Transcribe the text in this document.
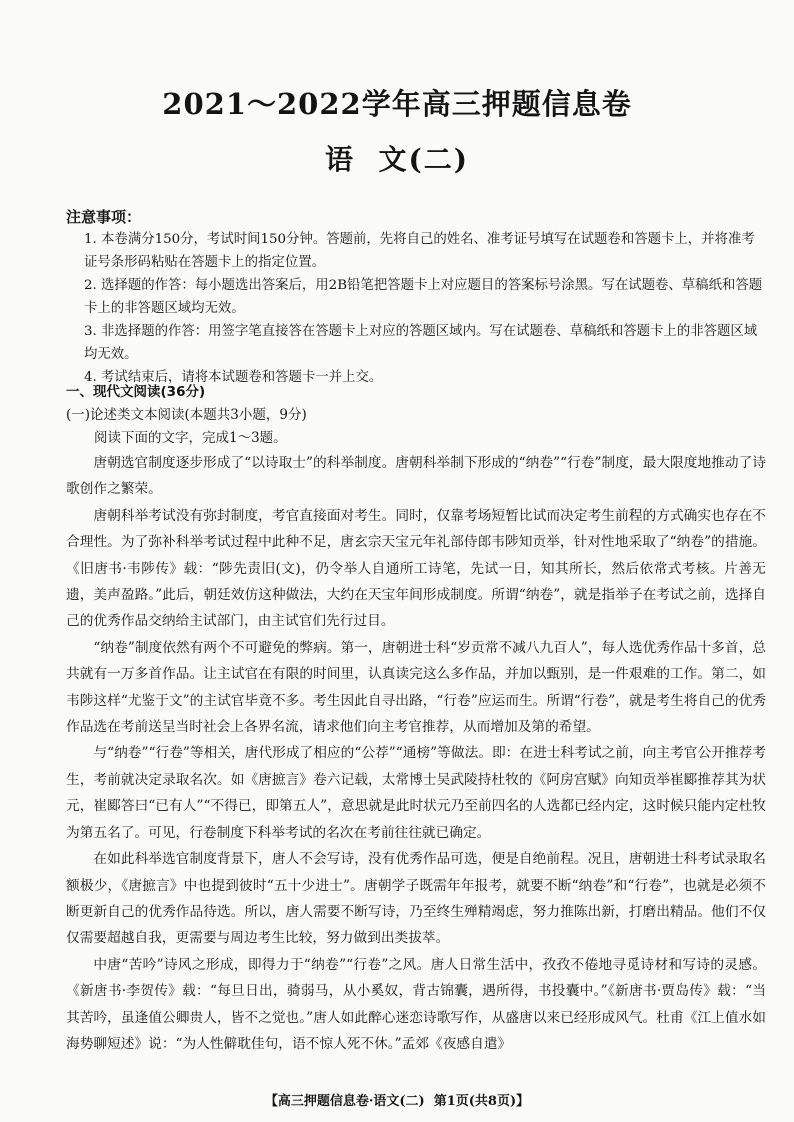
2021～2022学年高三押题信息卷
语  文(二)
注意事项：
1. 本卷满分150分，考试时间150分钟。答题前，先将自己的姓名、准考证号填写在试题卷和答题卡上，并将准考证号条形码粘贴在答题卡上的指定位置。
2. 选择题的作答：每小题选出答案后，用2B铅笔把答题卡上对应题目的答案标号涂黑。写在试题卷、草稿纸和答题卡上的非答题区域均无效。
3. 非选择题的作答：用签字笔直接答在答题卡上对应的答题区域内。写在试题卷、草稿纸和答题卡上的非答题区域均无效。
4. 考试结束后，请将本试题卷和答题卡一并上交。
一、现代文阅读(36分)
(一)论述类文本阅读(本题共3小题，9分)
阅读下面的文字，完成1～3题。

唐朝选官制度逐步形成了“以诗取士”的科举制度。唐朝科举制下形成的“纳卷”“行卷”制度，最大限度地推动了诗歌创作之繁荣。

唐朝科举考试没有弥封制度，考官直接面对考生。同时，仅靠考场短暂比试而决定考生前程的方式确实也存在不合理性。为了弥补科举考试过程中此种不足，唐玄宗天宝元年礼部侍郎韦陟知贡举，针对性地采取了“纳卷”的措施。《旧唐书·韦陟传》载：“陟先责旧(文)，仍令举人自通所工诗笔，先试一日，知其所长，然后依常式考核。片善无遗，美声盈路。”此后，朝廷效仿这种做法，大约在天宝年间形成制度。所谓“纳卷”，就是指举子在考试之前，选择自己的优秀作品交纳给主试部门，由主试官们先行过目。

“纳卷”制度依然有两个不可避免的弊病。第一，唐朝进士科“岁贡常不减八九百人”，每人选优秀作品十多首，总共就有一万多首作品。让主试官在有限的时间里，认真读完这么多作品，并加以甄别，是一件艰难的工作。第二，如韦陟这样“尤鉴于文”的主试官毕竟不多。考生因此自寻出路，“行卷”应运而生。所谓“行卷”，就是考生将自己的优秀作品选在考前送呈当时社会上各界名流，请求他们向主考官推荐，从而增加及第的希望。

与“纳卷”“行卷”等相关，唐代形成了相应的“公荐”“通榜”等做法。即：在进士科考试之前，向主考官公开推荐考生，考前就决定录取名次。如《唐摭言》卷六记载，太常博士吴武陵持杜牧的《阿房宫赋》向知贡举崔郾推荐其为状元，崔郾答曰“已有人”“不得已，即第五人”，意思就是此时状元乃至前四名的人选都已经内定，这时候只能内定杜牧为第五名了。可见，行卷制度下科举考试的名次在考前往往就已确定。

在如此科举选官制度背景下，唐人不会写诗，没有优秀作品可选，便是自绝前程。况且，唐朝进士科考试录取名额极少，《唐摭言》中也提到彼时“五十少进士”。唐朝学子既需年年报考，就要不断“纳卷”和“行卷”，也就是必须不断更新自己的优秀作品待选。所以，唐人需要不断写诗，乃至终生殚精竭虑，努力推陈出新，打磨出精品。他们不仅仅需要超越自我，更需要与周边考生比较，努力做到出类拔萃。

中唐“苦吟”诗风之形成，即得力于“纳卷”“行卷”之风。唐人日常生活中，孜孜不倦地寻觅诗材和写诗的灵感。《新唐书·李贺传》载：“每旦日出，骑弱马，从小奚奴，背古锦囊，遇所得，书投囊中。”《新唐书·贾岛传》载：“当其苦吟，虽逢值公卿贵人，皆不之觉也。”唐人如此醉心迷恋诗歌写作，从盛唐以来已经形成风气。杜甫《江上值水如海势聊短述》说：“为人性僻耽佳句，语不惊人死不休。”孟郊《夜感自遣》

【高三押题信息卷·语文(二)  第1页(共8页)】
